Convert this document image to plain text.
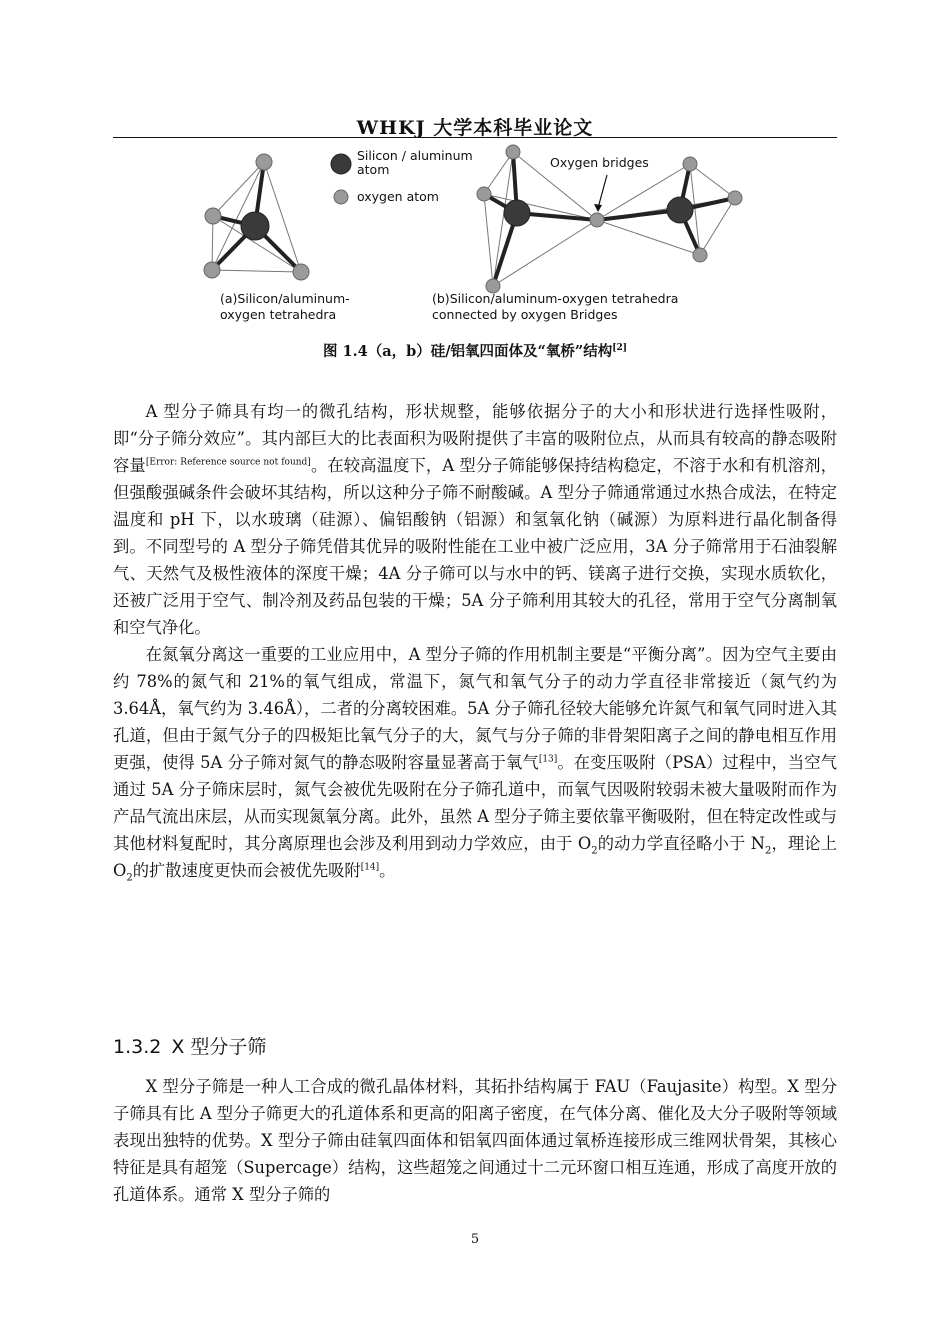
WHKJ 大学本科毕业论文
Silicon / aluminum
atom
oxygen atom
Oxygen bridges
(a)Silicon/aluminum-
oxygen tetrahedra
(b)Silicon/aluminum-oxygen tetrahedra
connected by oxygen Bridges
图 1.4（a，b）硅/铝氧四面体及“氧桥”结构[2]

A 型分子筛具有均一的微孔结构，形状规整，能够依据分子的大小和形状进行选择性吸附，即“分子筛分效应”。其内部巨大的比表面积为吸附提供了丰富的吸附位点，从而具有较高的静态吸附容量[Error: Reference source not found]。在较高温度下，A 型分子筛能够保持结构稳定，不溶于水和有机溶剂，但强酸强碱条件会破坏其结构，所以这种分子筛不耐酸碱。A 型分子筛通常通过水热合成法，在特定温度和 pH 下，以水玻璃（硅源）、偏铝酸钠（铝源）和氢氧化钠（碱源）为原料进行晶化制备得到。不同型号的 A 型分子筛凭借其优异的吸附性能在工业中被广泛应用，3A 分子筛常用于石油裂解气、天然气及极性液体的深度干燥；4A 分子筛可以与水中的钙、镁离子进行交换，实现水质软化，还被广泛用于空气、制冷剂及药品包装的干燥；5A 分子筛利用其较大的孔径，常用于空气分离制氧和空气净化。

在氮氧分离这一重要的工业应用中，A 型分子筛的作用机制主要是“平衡分离”。因为空气主要由约 78%的氮气和 21%的氧气组成，常温下，氮气和氧气分子的动力学直径非常接近（氮气约为 3.64Å，氧气约为 3.46Å），二者的分离较困难。5A 分子筛孔径较大能够允许氮气和氧气同时进入其孔道，但由于氮气分子的四极矩比氧气分子的大，氮气与分子筛的非骨架阳离子之间的静电相互作用更强，使得 5A 分子筛对氮气的静态吸附容量显著高于氧气[13]。在变压吸附（PSA）过程中，当空气通过 5A 分子筛床层时，氮气会被优先吸附在分子筛孔道中，而氧气因吸附较弱未被大量吸附而作为产品气流出床层，从而实现氮氧分离。此外，虽然 A 型分子筛主要依靠平衡吸附，但在特定改性或与其他材料复配时，其分离原理也会涉及利用到动力学效应，由于 $O_2$的动力学直径略小于 $N_2$，理论上 $O_2$的扩散速度更快而会被优先吸附[14]。

1.3.2 X 型分子筛

X 型分子筛是一种人工合成的微孔晶体材料，其拓扑结构属于 FAU（Faujasite）构型。X 型分子筛具有比 A 型分子筛更大的孔道体系和更高的阳离子密度，在气体分离、催化及大分子吸附等领域表现出独特的优势。X 型分子筛由硅氧四面体和铝氧四面体通过氧桥连接形成三维网状骨架，其核心特征是具有超笼（Supercage）结构，这些超笼之间通过十二元环窗口相互连通，形成了高度开放的孔道体系。通常 X 型分子筛的

5
